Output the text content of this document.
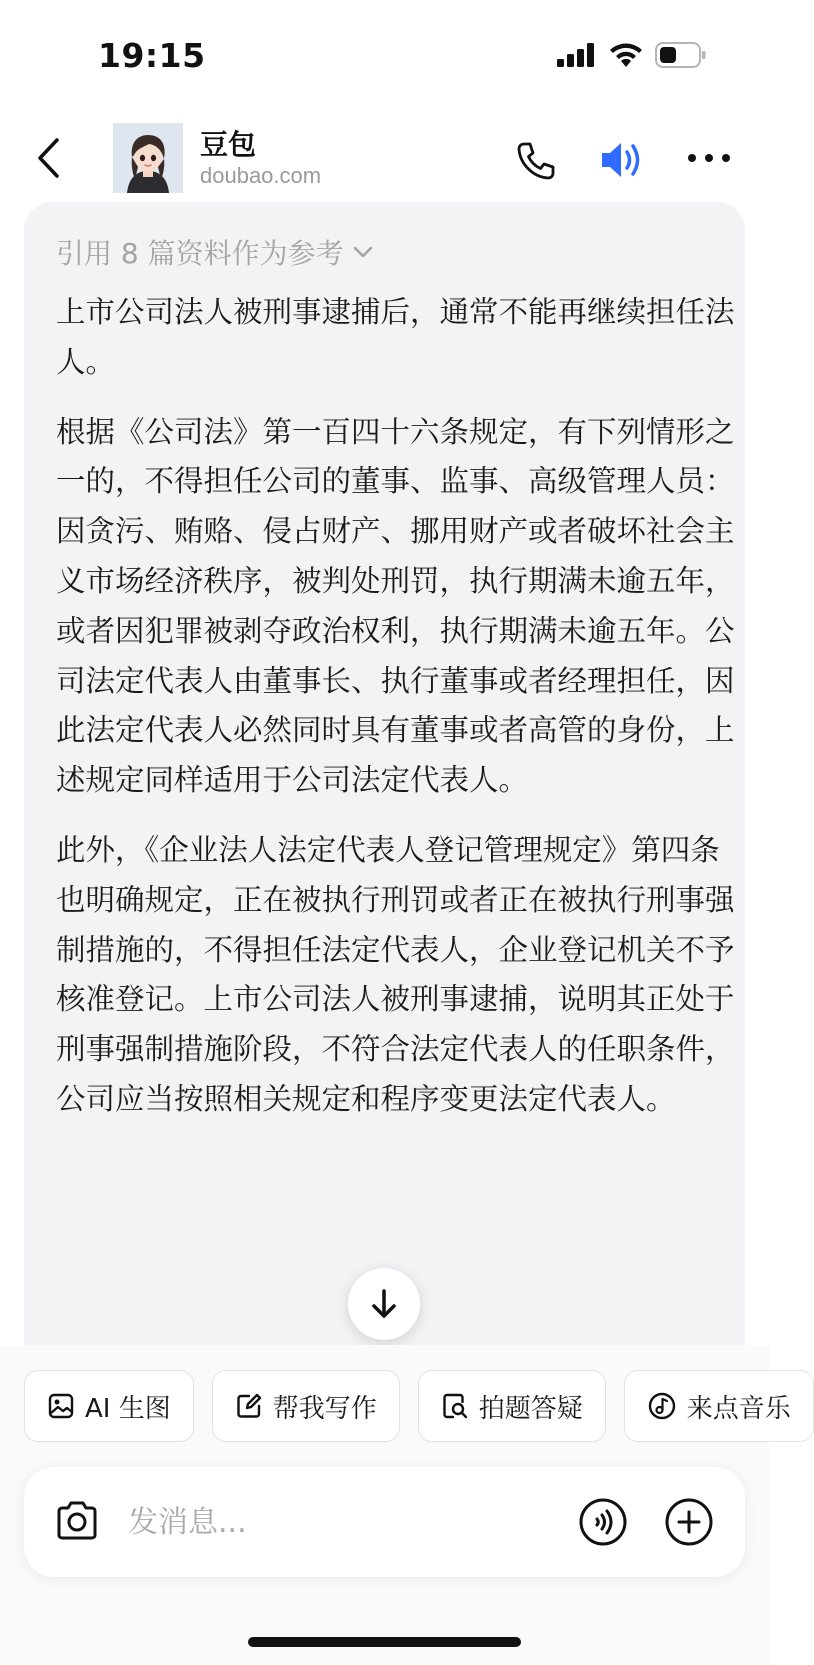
19:15
豆包
doubao.com
引用 8 篇资料作为参考

上市公司法人被刑事逮捕后，通常不能再继续担任法人。

根据《公司法》第一百四十六条规定，有下列情形之一的，不得担任公司的董事、监事、高级管理人员：因贪污、贿赂、侵占财产、挪用财产或者破坏社会主义市场经济秩序，被判处刑罚，执行期满未逾五年，或者因犯罪被剥夺政治权利，执行期满未逾五年。公司法定代表人由董事长、执行董事或者经理担任，因此法定代表人必然同时具有董事或者高管的身份，上述规定同样适用于公司法定代表人。

此外，《企业法人法定代表人登记管理规定》第四条也明确规定，正在被执行刑罚或者正在被执行刑事强制措施的，不得担任法定代表人，企业登记机关不予核准登记。上市公司法人被刑事逮捕，说明其正处于刑事强制措施阶段，不符合法定代表人的任职条件，公司应当按照相关规定和程序变更法定代表人。

AI 生图	帮我写作	拍题答疑	来点音乐
发消息...
